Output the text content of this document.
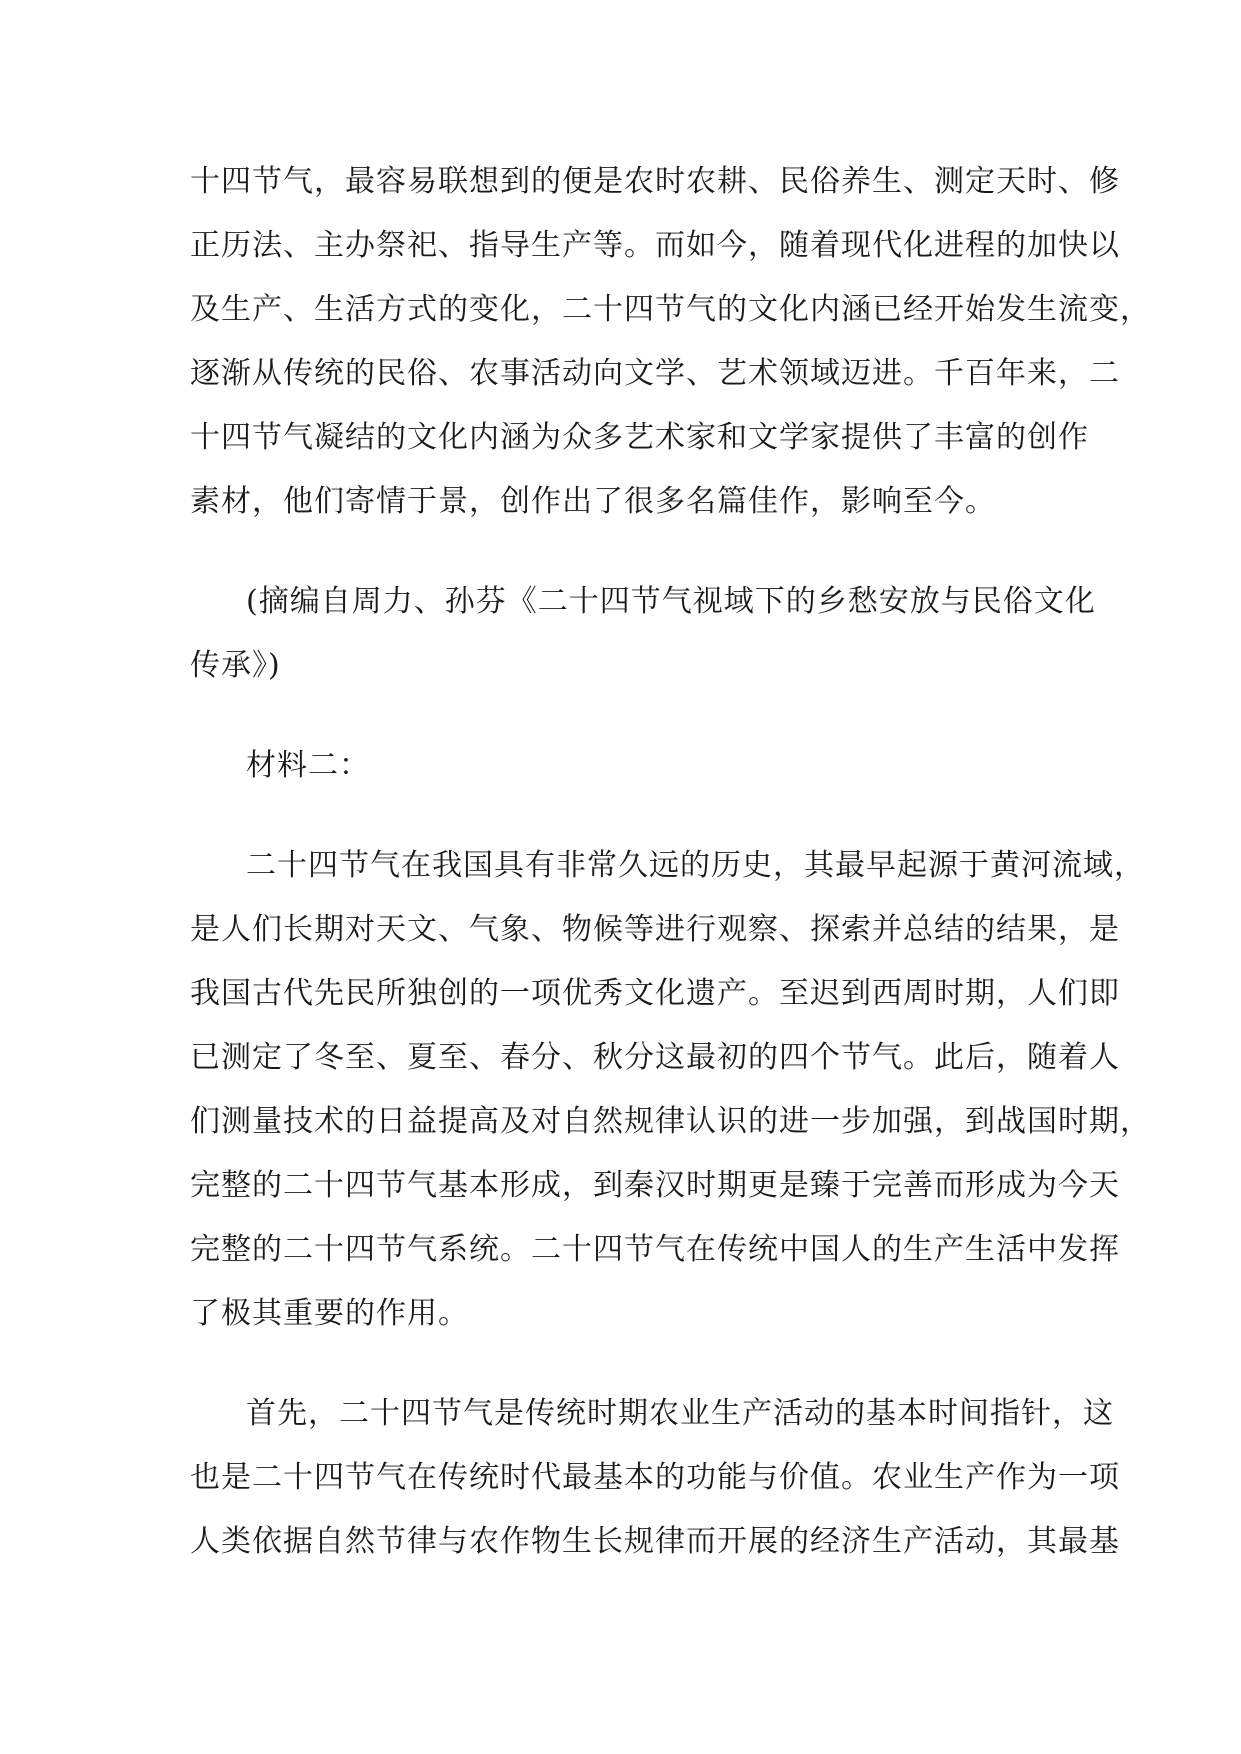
十四节气，最容易联想到的便是农时农耕、民俗养生、测定天时、修
正历法、主办祭祀、指导生产等。而如今，随着现代化进程的加快以
及生产、生活方式的变化，二十四节气的文化内涵已经开始发生流变，
逐渐从传统的民俗、农事活动向文学、艺术领域迈进。千百年来，二
十四节气凝结的文化内涵为众多艺术家和文学家提供了丰富的创作
素材，他们寄情于景，创作出了很多名篇佳作，影响至今。

(摘编自周力、孙芬《二十四节气视域下的乡愁安放与民俗文化
传承》)

材料二：

二十四节气在我国具有非常久远的历史，其最早起源于黄河流域，
是人们长期对天文、气象、物候等进行观察、探索并总结的结果，是
我国古代先民所独创的一项优秀文化遗产。至迟到西周时期，人们即
已测定了冬至、夏至、春分、秋分这最初的四个节气。此后，随着人
们测量技术的日益提高及对自然规律认识的进一步加强，到战国时期，
完整的二十四节气基本形成，到秦汉时期更是臻于完善而形成为今天
完整的二十四节气系统。二十四节气在传统中国人的生产生活中发挥
了极其重要的作用。

首先，二十四节气是传统时期农业生产活动的基本时间指针，这
也是二十四节气在传统时代最基本的功能与价值。农业生产作为一项
人类依据自然节律与农作物生长规律而开展的经济生产活动，其最基
